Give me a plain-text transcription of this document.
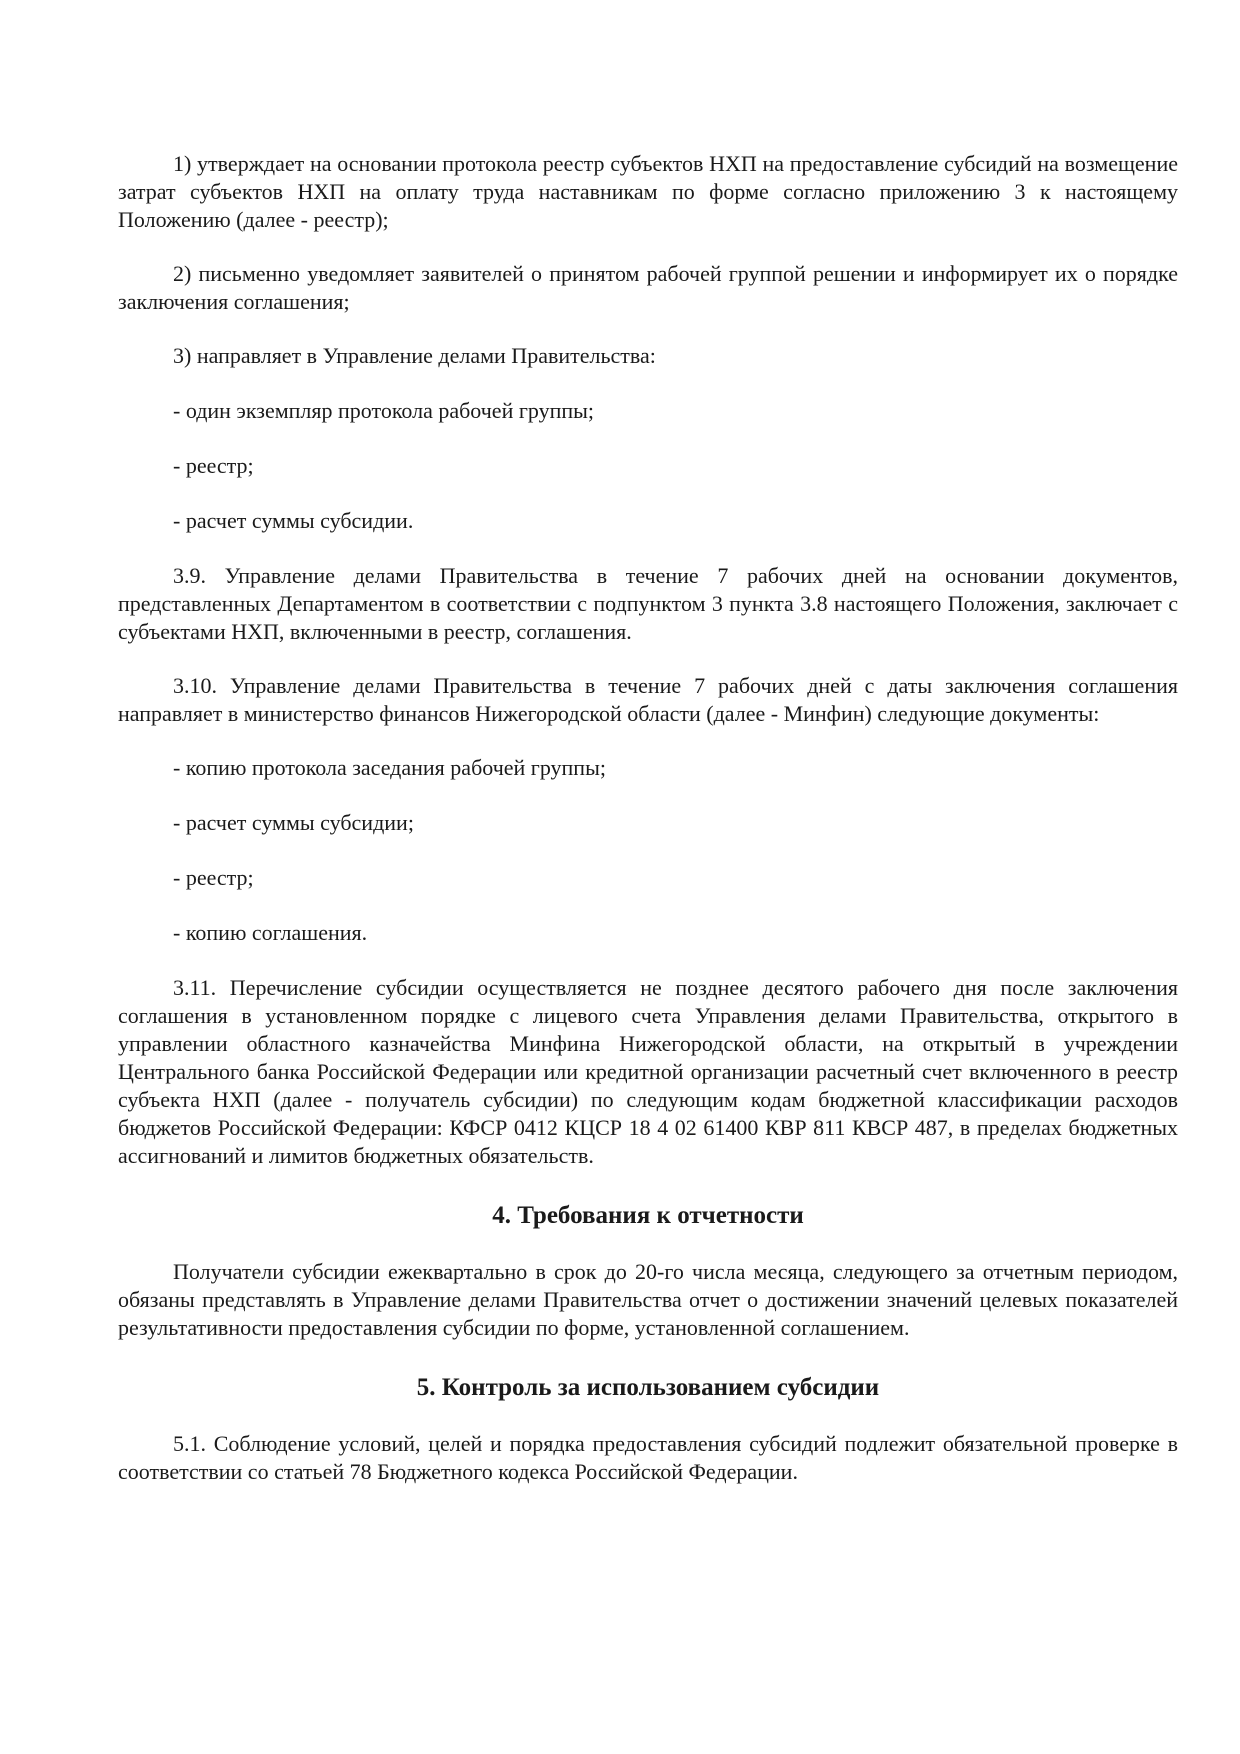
1) утверждает на основании протокола реестр субъектов НХП на предоставление субсидий на возмещение затрат субъектов НХП на оплату труда наставникам по форме согласно приложению 3 к настоящему Положению (далее - реестр);

2) письменно уведомляет заявителей о принятом рабочей группой решении и информирует их о порядке заключения соглашения;

3) направляет в Управление делами Правительства:

- один экземпляр протокола рабочей группы;

- реестр;

- расчет суммы субсидии.

3.9. Управление делами Правительства в течение 7 рабочих дней на основании документов, представленных Департаментом в соответствии с подпунктом 3 пункта 3.8 настоящего Положения, заключает с субъектами НХП, включенными в реестр, соглашения.

3.10. Управление делами Правительства в течение 7 рабочих дней с даты заключения соглашения направляет в министерство финансов Нижегородской области (далее - Минфин) следующие документы:

- копию протокола заседания рабочей группы;

- расчет суммы субсидии;

- реестр;

- копию соглашения.

3.11. Перечисление субсидии осуществляется не позднее десятого рабочего дня после заключения соглашения в установленном порядке с лицевого счета Управления делами Правительства, открытого в управлении областного казначейства Минфина Нижегородской области, на открытый в учреждении Центрального банка Российской Федерации или кредитной организации расчетный счет включенного в реестр субъекта НХП (далее - получатель субсидии) по следующим кодам бюджетной классификации расходов бюджетов Российской Федерации: КФСР 0412 КЦСР 18 4 02 61400 КВР 811 КВСР 487, в пределах бюджетных ассигнований и лимитов бюджетных обязательств.

4. Требования к отчетности

Получатели субсидии ежеквартально в срок до 20-го числа месяца, следующего за отчетным периодом, обязаны представлять в Управление делами Правительства отчет о достижении значений целевых показателей результативности предоставления субсидии по форме, установленной соглашением.

5. Контроль за использованием субсидии

5.1. Соблюдение условий, целей и порядка предоставления субсидий подлежит обязательной проверке в соответствии со статьей 78 Бюджетного кодекса Российской Федерации.
